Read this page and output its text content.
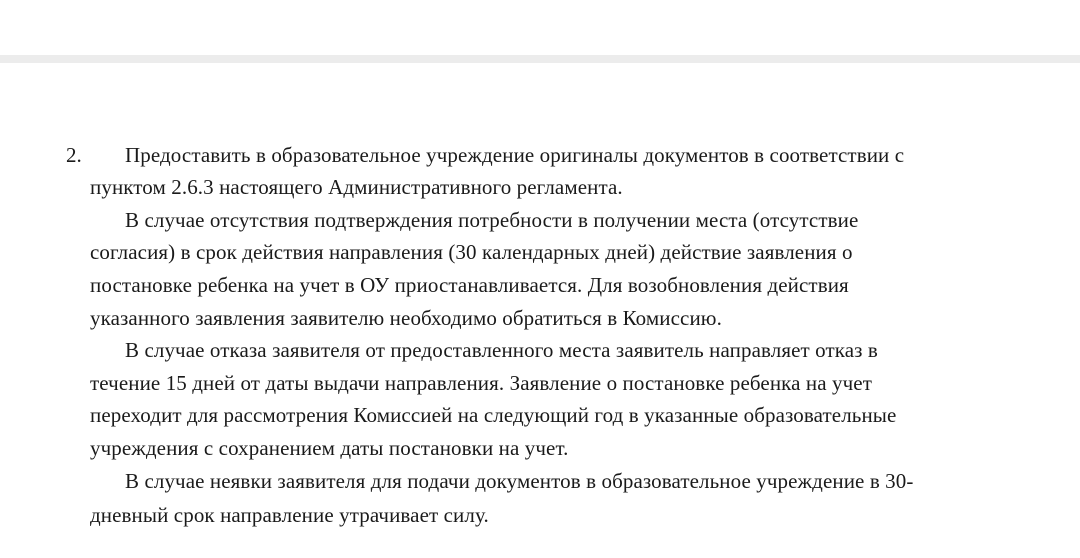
2. Предоставить в образовательное учреждение оригиналы документов в соответствии с
пунктом 2.6.3 настоящего Административного регламента.
В случае отсутствия подтверждения потребности в получении места (отсутствие
согласия) в срок действия направления (30 календарных дней) действие заявления о
постановке ребенка на учет в ОУ приостанавливается. Для возобновления действия
указанного заявления заявителю необходимо обратиться в Комиссию.
В случае отказа заявителя от предоставленного места заявитель направляет отказ в
течение 15 дней от даты выдачи направления. Заявление о постановке ребенка на учет
переходит для рассмотрения Комиссией на следующий год в указанные образовательные
учреждения с сохранением даты постановки на учет.
В случае неявки заявителя для подачи документов в образовательное учреждение в 30-
дневный срок направление утрачивает силу.
